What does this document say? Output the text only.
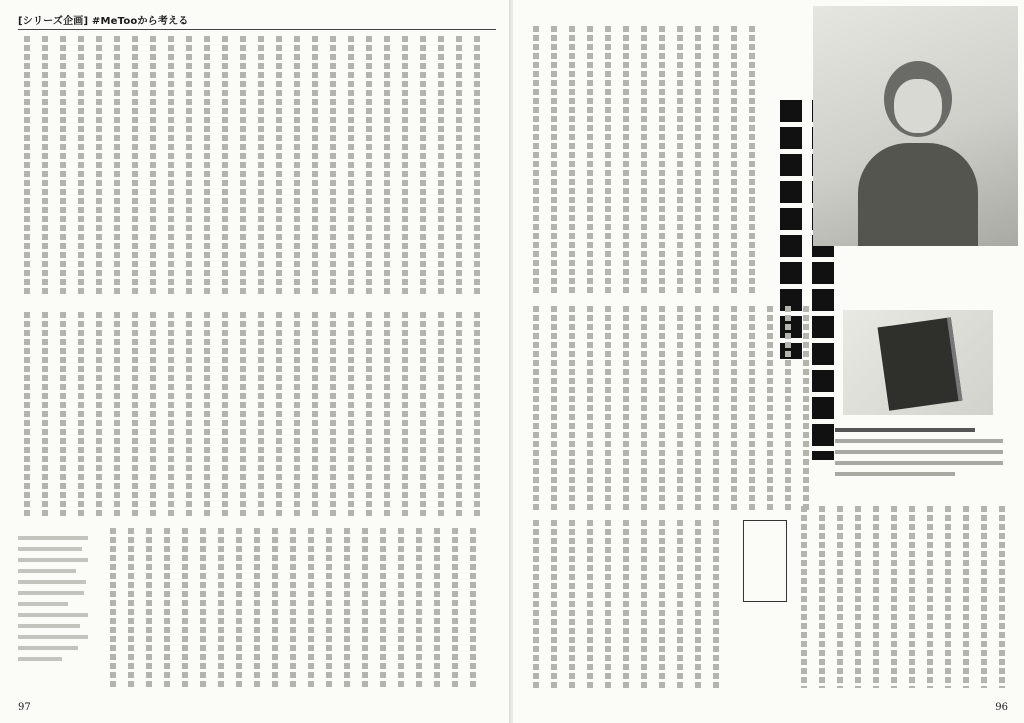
[シリーズ企画] #MeTooから考える
97	96
